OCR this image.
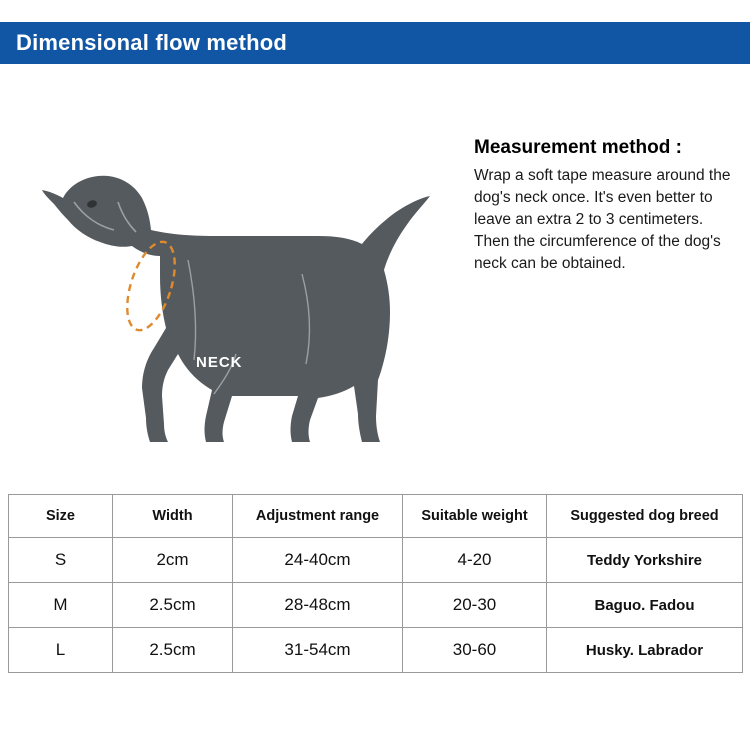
Dimensional flow method
NECK

Measurement method :

Wrap a soft tape measure around the dog's neck once. It's even better to leave an extra 2 to 3 centimeters. Then the circumference of the dog's neck can be obtained.

Size	Width	Adjustment range	Suitable weight	Suggested dog breed
S	2cm	24-40cm	4-20	Teddy Yorkshire
M	2.5cm	28-48cm	20-30	Baguo. Fadou
L	2.5cm	31-54cm	30-60	Husky. Labrador
